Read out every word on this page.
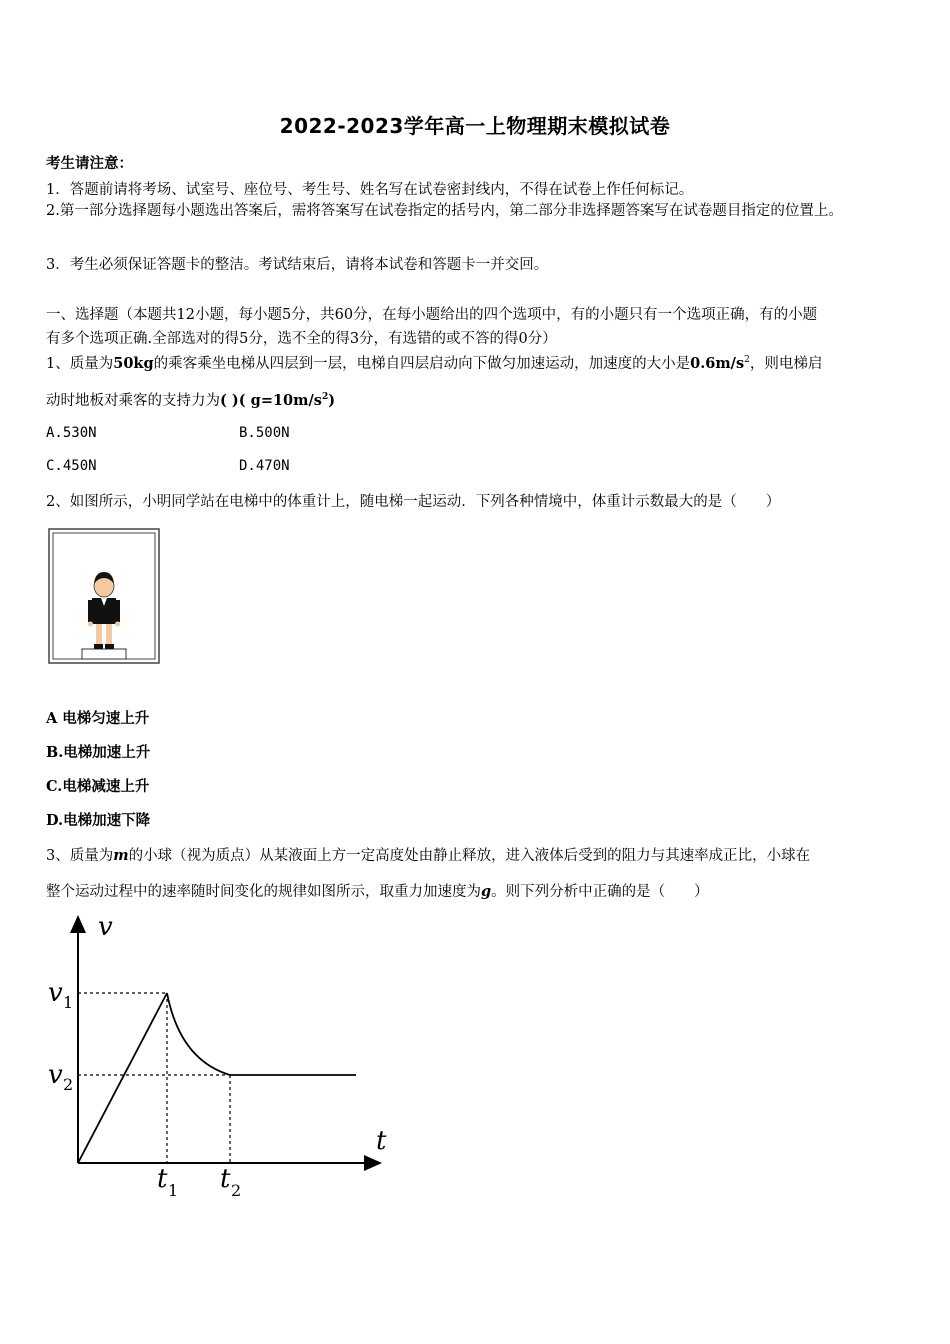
2022-2023学年高一上物理期末模拟试卷
考生请注意：
1．答题前请将考场、试室号、座位号、考生号、姓名写在试卷密封线内，不得在试卷上作任何标记。
2.第一部分选择题每小题选出答案后，需将答案写在试卷指定的括号内，第二部分非选择题答案写在试卷题目指定的位置上。
3．考生必须保证答题卡的整洁。考试结束后，请将本试卷和答题卡一并交回。
一、选择题（本题共12小题，每小题5分，共60分，在每小题给出的四个选项中，有的小题只有一个选项正确，有的小题
有多个选项正确.全部选对的得5分，选不全的得3分，有选错的或不答的得0分）
1、质量为50kg的乘客乘坐电梯从四层到一层，电梯自四层启动向下做匀加速运动，加速度的大小是$0.6m/s^2$，则电梯启
动时地板对乘客的支持力为( )( $g=10m/s^2$)
A.530N	B.500N
C.450N	D.470N
2、如图所示，小明同学站在电梯中的体重计上，随电梯一起运动．下列各种情境中，体重计示数最大的是（　　）
A 电梯匀速上升
B.电梯加速上升
C.电梯减速上升
D.电梯加速下降
3、质量为m的小球（视为质点）从某液面上方一定高度处由静止释放，进入液体后受到的阻力与其速率成正比，小球在
整个运动过程中的速率随时间变化的规律如图所示，取重力加速度为g。则下列分析中正确的是（　　）
v
t
v 1
v 2
t 1 t 2
